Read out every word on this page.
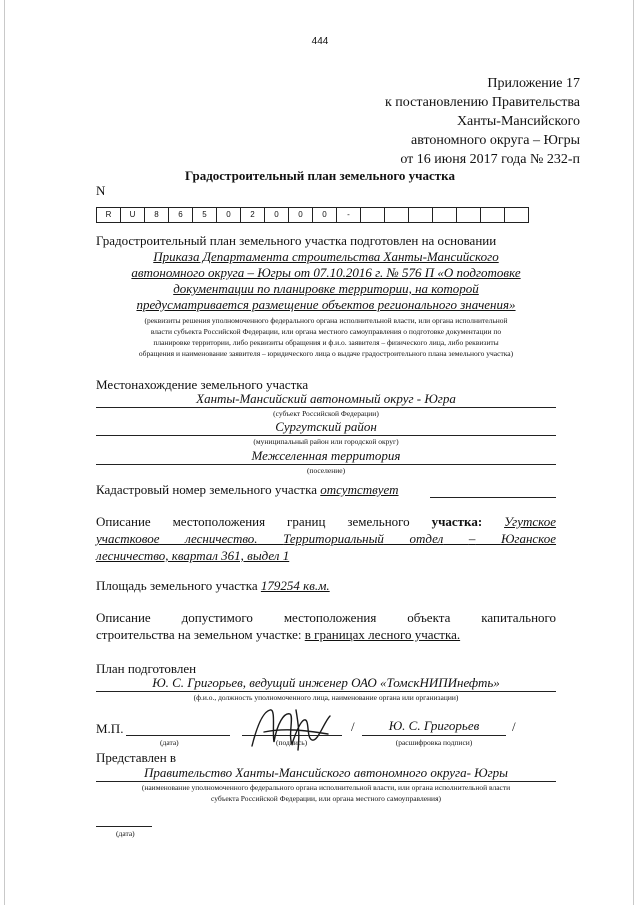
444
Приложение 17
к постановлению Правительства
Ханты-Мансийского
автономного округа – Югры
от 16 июня 2017 года № 232-п
Градостроительный план земельного участка
N
R	U	8	6	5	0	2	0	0	0	-
Градостроительный план земельного участка подготовлен на основании
Приказа Департамента строительства Ханты-Мансийского
автономного округа – Югры от 07.10.2016 г. № 576 П «О подготовке
документации по планировке территории, на которой
предусматривается размещение объектов регионального значения»
(реквизиты решения уполномоченного федерального органа исполнительной власти, или органа исполнительной
власти субъекта Российской Федерации, или органа местного самоуправления о подготовке документации по
планировке территории, либо реквизиты обращения и ф.и.о. заявителя – физического лица, либо реквизиты
обращения и наименование заявителя – юридического лица о выдаче градостроительного плана земельного участка)
Местонахождение земельного участка
Ханты-Мансийский автономный округ - Югра
(субъект Российской Федерации)
Сургутский район
(муниципальный район или городской округ)
Межселенная территория
(поселение)
Кадастровый номер земельного участка отсутствует
Описание местоположения границ земельного участка: Угутское
участковое лесничество. Территориальный отдел – Юганское
лесничество, квартал 361, выдел 1
Площадь земельного участка 179254 кв.м.
Описание допустимого местоположения объекта капитального
строительства на земельном участке: в границах лесного участка.
План подготовлен
Ю. С. Григорьев, ведущий инженер ОАО «ТомскНИПИнефть»
(ф.и.о., должность уполномоченного лица, наименование органа или организации)
М.П.
(дата)	(подпись)
/	Ю. С. Григорьев	/
(расшифровка подписи)
Представлен в
Правительство Ханты-Мансийского автономного округа- Югры
(наименование уполномоченного федерального органа исполнительной власти, или органа исполнительной власти
субъекта Российской Федерации, или органа местного самоуправления)
(дата)
